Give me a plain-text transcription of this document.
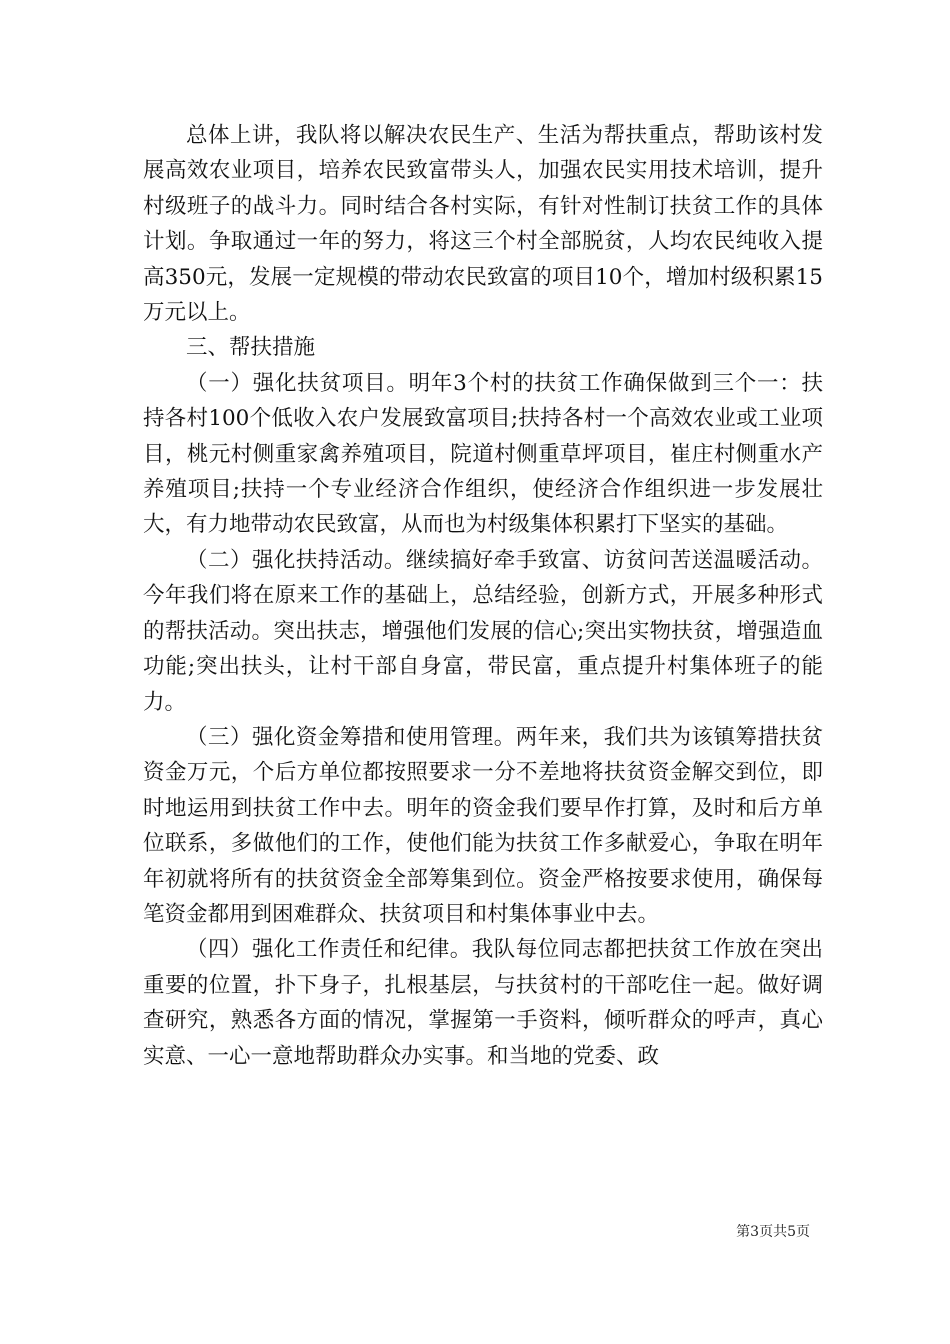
总体上讲，我队将以解决农民生产、生活为帮扶重点，帮助该村发展高效农业项目，培养农民致富带头人，加强农民实用技术培训，提升村级班子的战斗力。同时结合各村实际，有针对性制订扶贫工作的具体计划。争取通过一年的努力，将这三个村全部脱贫，人均农民纯收入提高350元，发展一定规模的带动农民致富的项目10个，增加村级积累15万元以上。

三、帮扶措施

（一）强化扶贫项目。明年3个村的扶贫工作确保做到三个一：扶持各村100个低收入农户发展致富项目;扶持各村一个高效农业或工业项目，桃元村侧重家禽养殖项目，院道村侧重草坪项目，崔庄村侧重水产养殖项目;扶持一个专业经济合作组织，使经济合作组织进一步发展壮大，有力地带动农民致富，从而也为村级集体积累打下坚实的基础。

（二）强化扶持活动。继续搞好牵手致富、访贫问苦送温暖活动。今年我们将在原来工作的基础上，总结经验，创新方式，开展多种形式的帮扶活动。突出扶志，增强他们发展的信心;突出实物扶贫，增强造血功能;突出扶头，让村干部自身富，带民富，重点提升村集体班子的能力。

（三）强化资金筹措和使用管理。两年来，我们共为该镇筹措扶贫资金万元，个后方单位都按照要求一分不差地将扶贫资金解交到位，即时地运用到扶贫工作中去。明年的资金我们要早作打算，及时和后方单位联系，多做他们的工作，使他们能为扶贫工作多献爱心，争取在明年年初就将所有的扶贫资金全部筹集到位。资金严格按要求使用，确保每笔资金都用到困难群众、扶贫项目和村集体事业中去。

（四）强化工作责任和纪律。我队每位同志都把扶贫工作放在突出重要的位置，扑下身子，扎根基层，与扶贫村的干部吃住一起。做好调查研究，熟悉各方面的情况，掌握第一手资料，倾听群众的呼声，真心实意、一心一意地帮助群众办实事。和当地的党委、政

第3页共5页
